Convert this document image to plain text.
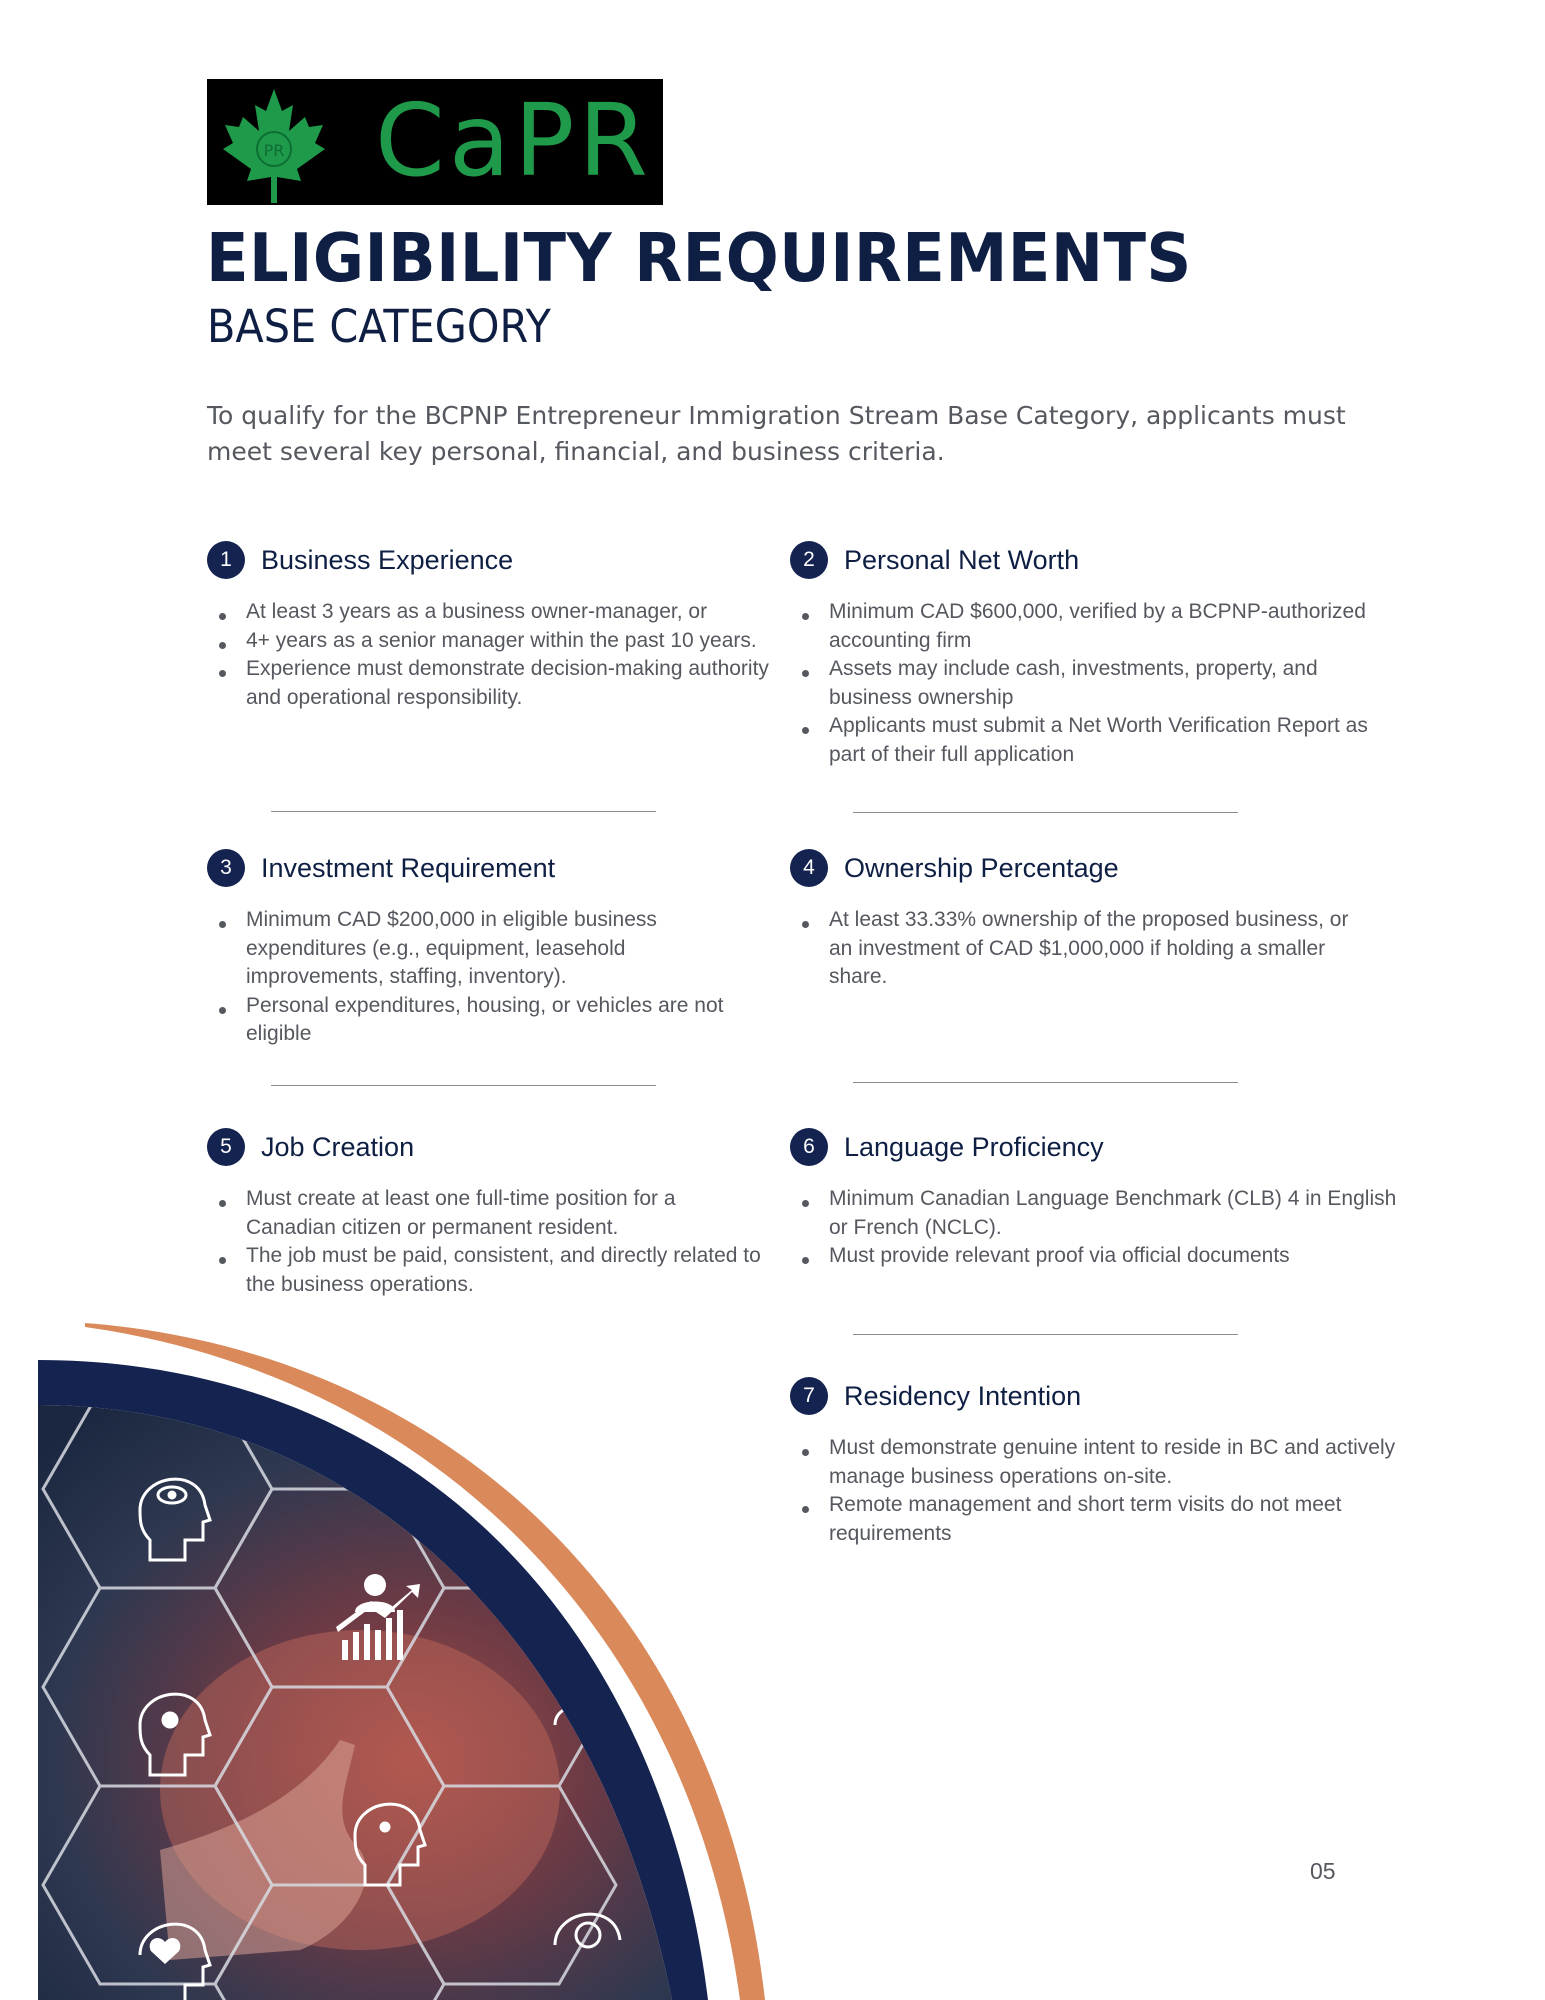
PR CaPR
ELIGIBILITY REQUIREMENTS
BASE CATEGORY

To qualify for the BCPNP Entrepreneur Immigration Stream Base Category, applicants must meet several key personal, financial, and business criteria.

1	Business Experience
At least 3 years as a business owner-manager, or
4+ years as a senior manager within the past 10 years.
Experience must demonstrate decision-making authority and operational responsibility.
2	Personal Net Worth
Minimum CAD $600,000, verified by a BCPNP-authorized accounting firm
Assets may include cash, investments, property, and business ownership
Applicants must submit a Net Worth Verification Report as part of their full application
3	Investment Requirement
Minimum CAD $200,000 in eligible business expenditures (e.g., equipment, leasehold improvements, staffing, inventory).
Personal expenditures, housing, or vehicles are not eligible
4	Ownership Percentage
At least 33.33% ownership of the proposed business, or an investment of CAD $1,000,000 if holding a smaller share.
5	Job Creation
Must create at least one full-time position for a Canadian citizen or permanent resident.
The job must be paid, consistent, and directly related to the business operations.
6	Language Proficiency
Minimum Canadian Language Benchmark (CLB) 4 in English or French (NCLC).
Must provide relevant proof via official documents
7	Residency Intention
Must demonstrate genuine intent to reside in BC and actively manage business operations on-site.
Remote management and short term visits do not meet requirements
05
